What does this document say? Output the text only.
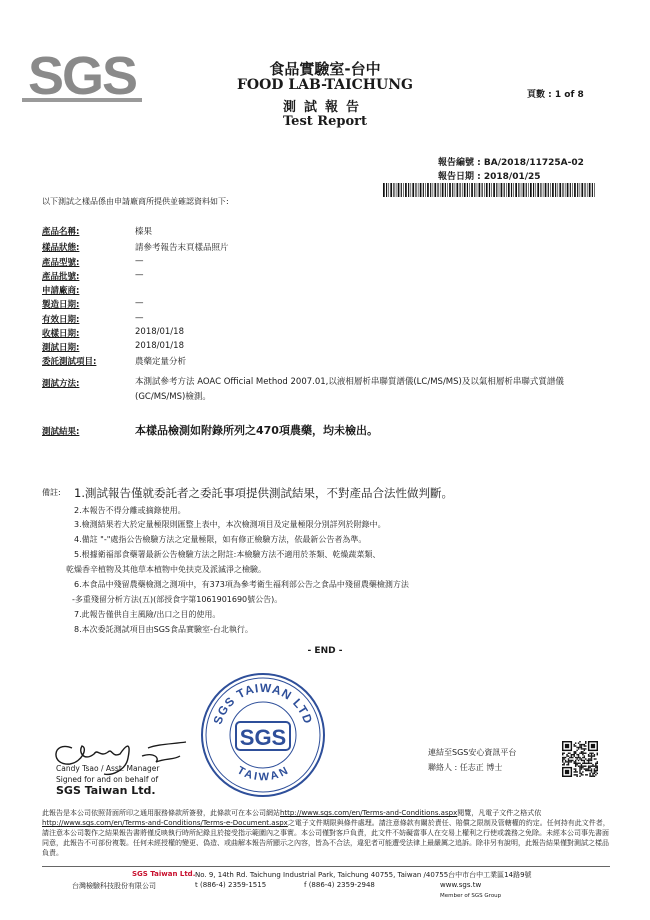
SGS	食品實驗室-台中
FOOD LAB-TAICHUNG
測試報告
Test Report
頁數 : 1 of 8
報告編號 : BA/2018/11725A-02
報告日期 : 2018/01/25
以下測試之樣品係由申請廠商所提供並確認資料如下:
產品名稱:	榛果
樣品狀態:	請參考報告末頁樣品照片
產品型號:	—
產品批號:	—
申請廠商:
製造日期:	—
有效日期:	—
收樣日期:	2018/01/18
測試日期:	2018/01/18
委託測試項目:	農藥定量分析
測試方法:	本測試參考方法 AOAC Official Method 2007.01,以液相層析串聯質譜儀(LC/MS/MS)及以氣相層析串聯式質譜儀(GC/MS/MS)檢測。
測試結果:	本樣品檢測如附錄所列之470項農藥，均未檢出。
備註: 1.測試報告僅就委託者之委託事項提供測試結果，不對產品合法性做判斷。
2.本報告不得分離或摘錄使用。
3.檢測結果若大於定量極限則匯整上表中，本次檢測項目及定量極限分別詳列於附錄中。
4.備註 "-"處指公告檢驗方法之定量極限，如有修正檢驗方法，依最新公告者為準。
5.根據衛福部食藥署最新公告檢驗方法之附註:本檢驗方法不適用於茶類、乾燥蔬菜類、
乾燥香辛植物及其他草本植物中免扶克及派滅淨之檢驗。
6.本食品中殘留農藥檢測之測項中，有373項為參考衛生福利部公告之食品中殘留農藥檢測方法
-多重殘留分析方法(五)(部授食字第1061901690號公告)。
7.此報告僅供自主風險/出口之目的使用。
8.本次委託測試項目由SGS食品實驗室-台北執行。
- END -
SGS
SGS TAIWAN LTD
TAIWAN
Candy Tsao / Asst. Manager
Signed for and on behalf of
SGS Taiwan Ltd.
連結至SGS安心資訊平台
聯絡人 : 任志正 博士
此報告是本公司依照背面所印之通用服務條款所簽發，此條款可在本公司網站http://www.sgs.com/en/Terms-and-Conditions.aspx閱覽，凡電子文件之格式依http://www.sgs.com/en/Terms-and-Conditions/Terms-e-Document.aspx之電子文件期限與條件處理。請注意條款有關於責任、賠償之限制及管轄權的約定。任何持有此文件者，請注意本公司製作之結果報告書將僅反映執行時所紀錄且於接受指示範圍內之事實。本公司僅對客戶負責，此文件不妨礙當事人在交易上權利之行使或義務之免除。未經本公司事先書面同意，此報告不可部份複製。任何未經授權的變更、偽造、或曲解本報告所顯示之內容，皆為不合法，違犯者可能遭受法律上最嚴厲之追訴。除非另有說明，此報告結果僅對測試之樣品負責。
SGS Taiwan Ltd.
台灣檢驗科技股份有限公司
No. 9, 14th Rd. Taichung Industrial Park, Taichung 40755, Taiwan /40755台中市台中工業區14路9號
t (886-4) 2359-1515	f (886-4) 2359-2948	www.sgs.tw
Member of SGS Group
